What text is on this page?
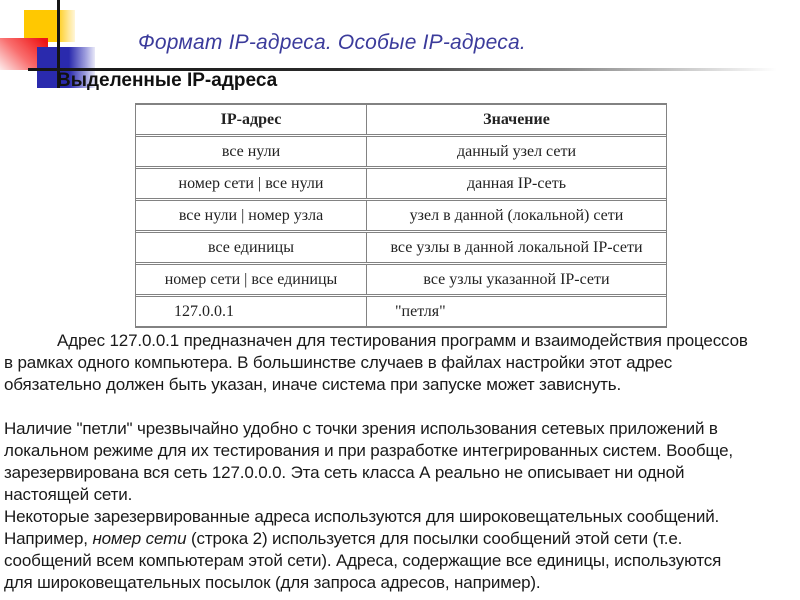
Формат IP-адреса. Особые IP-адреса.
Выделенные IP-адреса
IP-адрес	Значение
все нули	данный узел сети
номер сети | все нули	данная IP-сеть
все нули | номер узла	узел в данной (локальной) сети
все единицы	все узлы в данной локальной IP-сети
номер сети | все единицы	все узлы указанной IP-сети
127.0.0.1	"петля"

Адрес 127.0.0.1 предназначен для тестирования программ и взаимодействия процессов
в рамках одного компьютера. В большинстве случаев в файлах настройки этот адрес
обязательно должен быть указан, иначе система при запуске может зависнуть.

Наличие "петли" чрезвычайно удобно с точки зрения использования сетевых приложений в
локальном режиме для их тестирования и при разработке интегрированных систем. Вообще,
зарезервирована вся сеть 127.0.0.0. Эта сеть класса А реально не описывает ни одной
настоящей сети.

Некоторые зарезервированные адреса используются для широковещательных сообщений.
Например, номер сети (строка 2) используется для посылки сообщений этой сети (т.е.
сообщений всем компьютерам этой сети). Адреса, содержащие все единицы, используются
для широковещательных посылок (для запроса адресов, например).
